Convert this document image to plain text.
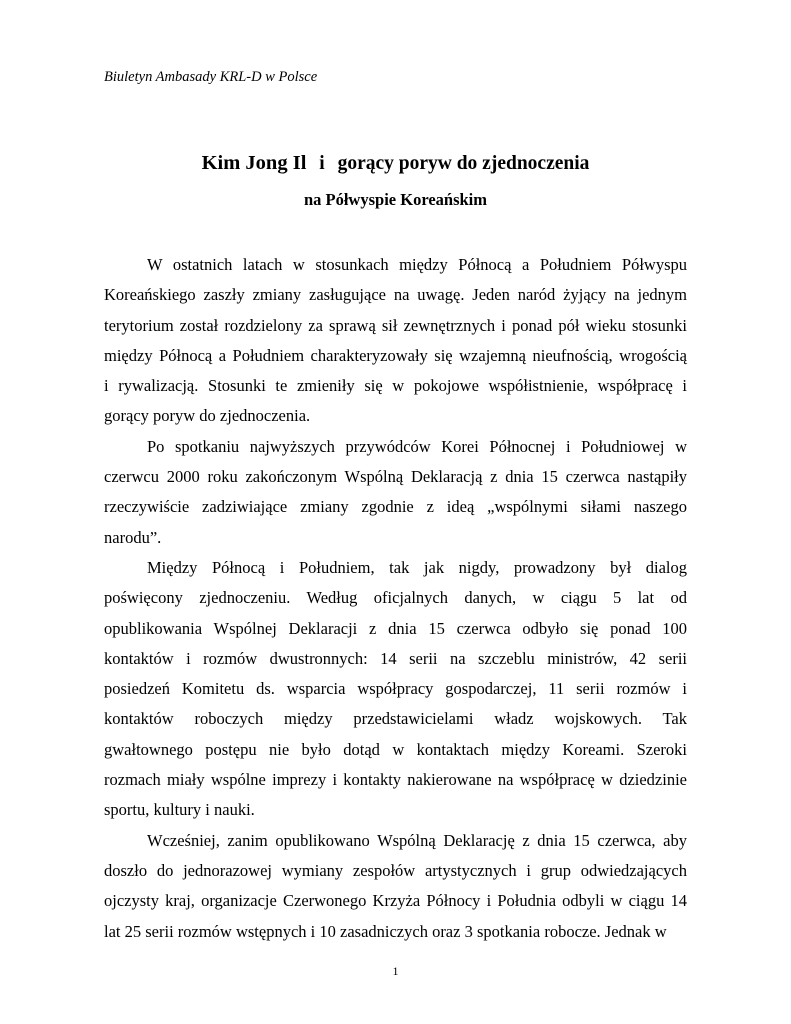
Biuletyn Ambasady KRL-D w Polsce
Kim Jong Il i gorący poryw do zjednoczenia
na Półwyspie Koreańskim
W ostatnich latach w stosunkach między Północą a Południem Półwyspu
Koreańskiego zaszły zmiany zasługujące na uwagę. Jeden naród żyjący na jednym
terytorium został rozdzielony za sprawą sił zewnętrznych i ponad pół wieku stosunki
między Północą a Południem charakteryzowały się wzajemną nieufnością, wrogością
i rywalizacją. Stosunki te zmieniły się w pokojowe współistnienie, współpracę i
gorący poryw do zjednoczenia.
Po spotkaniu najwyższych przywódców Korei Północnej i Południowej w
czerwcu 2000 roku zakończonym Wspólną Deklaracją z dnia 15 czerwca nastąpiły
rzeczywiście zadziwiające zmiany zgodnie z ideą „wspólnymi siłami naszego
narodu”.
Między Północą i Południem, tak jak nigdy, prowadzony był dialog
poświęcony zjednoczeniu. Według oficjalnych danych, w ciągu 5 lat od
opublikowania Wspólnej Deklaracji z dnia 15 czerwca odbyło się ponad 100
kontaktów i rozmów dwustronnych: 14 serii na szczeblu ministrów, 42 serii
posiedzeń Komitetu ds. wsparcia współpracy gospodarczej, 11 serii rozmów i
kontaktów roboczych między przedstawicielami władz wojskowych. Tak
gwałtownego postępu nie było dotąd w kontaktach między Koreami. Szeroki
rozmach miały wspólne imprezy i kontakty nakierowane na współpracę w dziedzinie
sportu, kultury i nauki.
Wcześniej, zanim opublikowano Wspólną Deklarację z dnia 15 czerwca, aby
doszło do jednorazowej wymiany zespołów artystycznych i grup odwiedzających
ojczysty kraj, organizacje Czerwonego Krzyża Północy i Południa odbyli w ciągu 14
lat 25 serii rozmów wstępnych i 10 zasadniczych oraz 3 spotkania robocze. Jednak w
1
